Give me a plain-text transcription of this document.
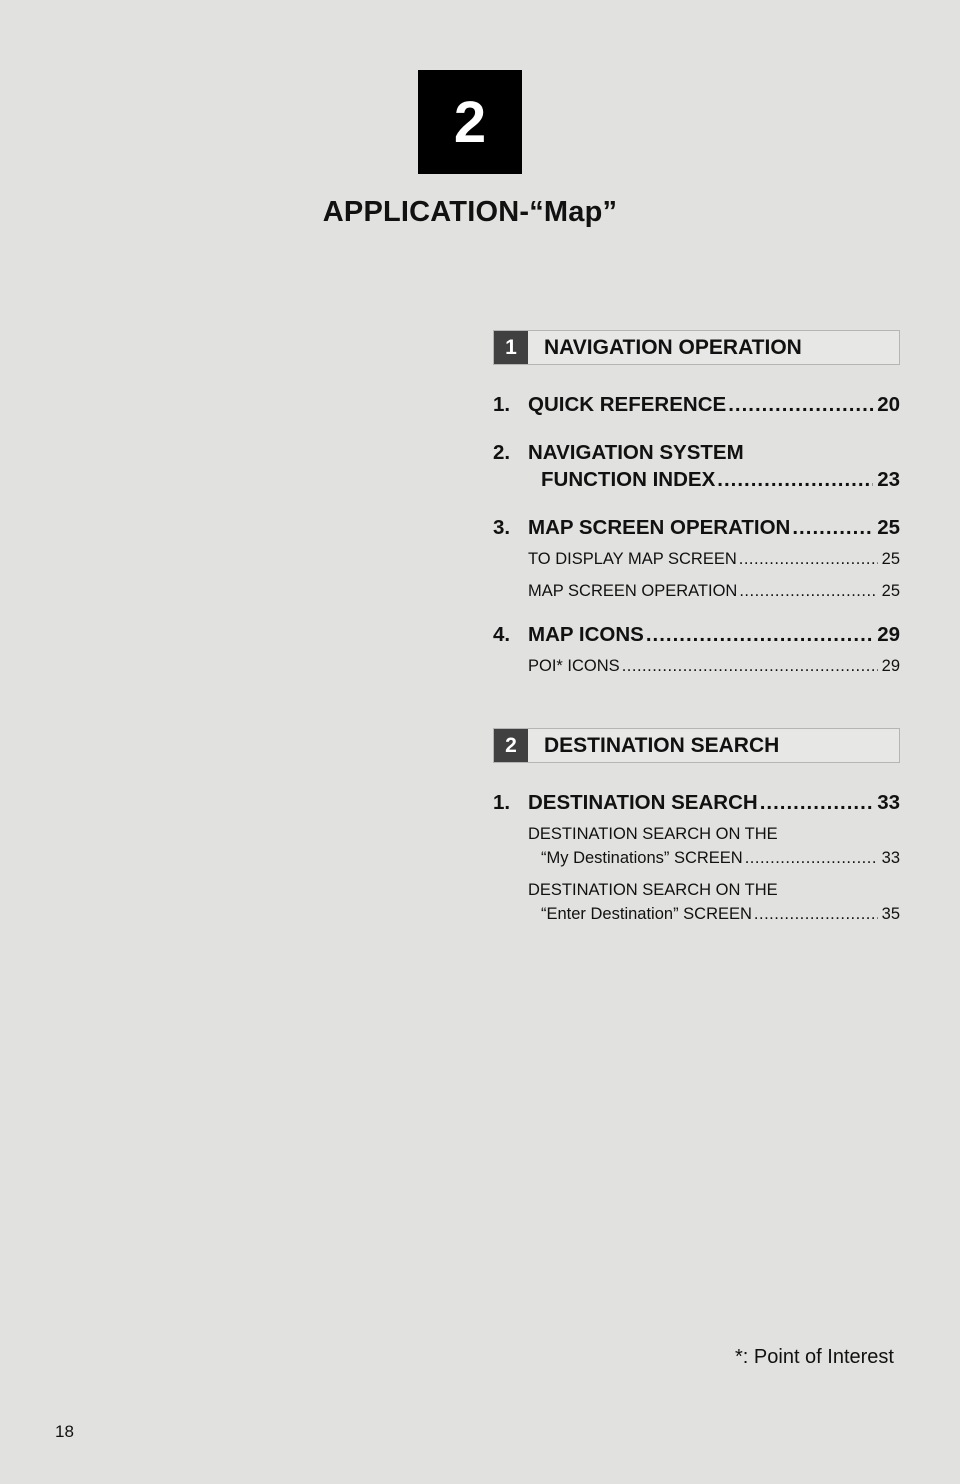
2
APPLICATION-“Map”
1	NAVIGATION OPERATION
1. QUICK REFERENCE .....	20
2. NAVIGATION SYSTEM
FUNCTION INDEX .....	23
3. MAP SCREEN OPERATION .....	25
TO DISPLAY MAP SCREEN .....	25
MAP SCREEN OPERATION .....	25
4. MAP ICONS .....	29
POI* ICONS .....	29
2	DESTINATION SEARCH
1. DESTINATION SEARCH .....	33
DESTINATION SEARCH ON THE
“My Destinations” SCREEN .....	33
DESTINATION SEARCH ON THE
“Enter Destination” SCREEN .....	35
*: Point of Interest
18
